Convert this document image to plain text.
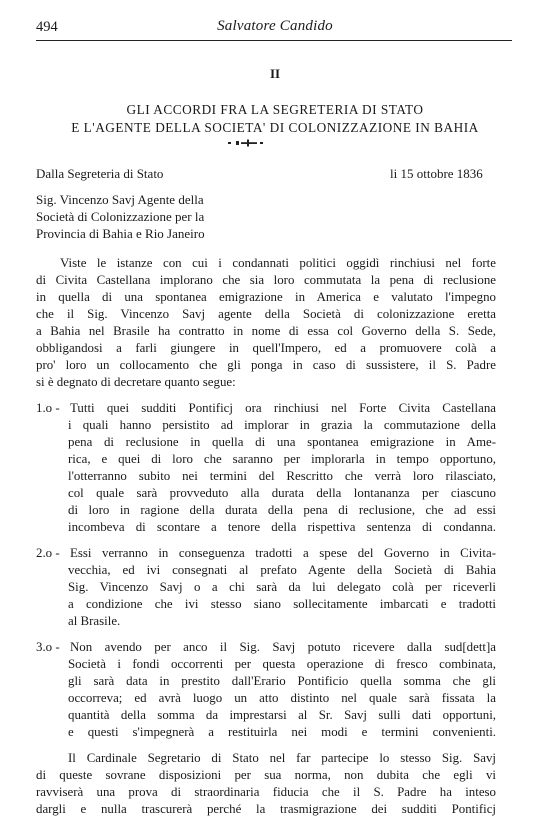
494	Salvatore Candido
II
GLI ACCORDI FRA LA SEGRETERIA DI STATO
E L'AGENTE DELLA SOCIETA' DI COLONIZZAZIONE IN BAHIA
Dalla Segreteria di Stato	li 15 ottobre 1836
Sig. Vincenzo Savj Agente della
Società di Colonizzazione per la
Provincia di Bahia e Rio Janeiro
Viste le istanze con cui i condannati politici oggidì rinchiusi nel forte
di Civita Castellana implorano che sia loro commutata la pena di reclusione
in quella di una spontanea emigrazione in America e valutato l'impegno
che il Sig. Vincenzo Savj agente della Società di colonizzazione eretta
a Bahia nel Brasile ha contratto in nome di essa col Governo della S. Sede,
obbligandosi a farli giungere in quell'Impero, ed a promuovere colà a
pro' loro un collocamento che gli ponga in caso di sussistere, il S. Padre
si è degnato di decretare quanto segue:
1.o - Tutti quei sudditi Pontificj ora rinchiusi nel Forte Civita Castellana
i quali hanno persistito ad implorar in grazia la commutazione della
pena di reclusione in quella di una spontanea emigrazione in Ame-
rica, e quei di loro che saranno per implorarla in tempo opportuno,
l'otterranno subito nei termini del Rescritto che verrà loro rilasciato,
col quale sarà provveduto alla durata della lontananza per ciascuno
di loro in ragione della durata della pena di reclusione, che ad essi
incombeva di scontare a tenore della rispettiva sentenza di condanna.
2.o - Essi verranno in conseguenza tradotti a spese del Governo in Civita-
vecchia, ed ivi consegnati al prefato Agente della Società di Bahia
Sig. Vincenzo Savj o a chi sarà da lui delegato colà per riceverli
a condizione che ivi stesso siano sollecitamente imbarcati e tradotti
al Brasile.
3.o - Non avendo per anco il Sig. Savj potuto ricevere dalla sud[dett]a
Società i fondi occorrenti per questa operazione di fresco combinata,
gli sarà data in prestito dall'Erario Pontificio quella somma che gli
occorreva; ed avrà luogo un atto distinto nel quale sarà fissata la
quantità della somma da imprestarsi al Sr. Savj sulli dati opportuni,
e questi s'impegnerà a restituirla nei modi e termini convenienti.
Il Cardinale Segretario di Stato nel far partecipe lo stesso Sig. Savj
di queste sovrane disposizioni per sua norma, non dubita che egli vi
ravviserà una prova di straordinaria fiducia che il S. Padre ha inteso
dargli e nulla trascurerà perché la trasmigrazione dei sudditi Pontificj
